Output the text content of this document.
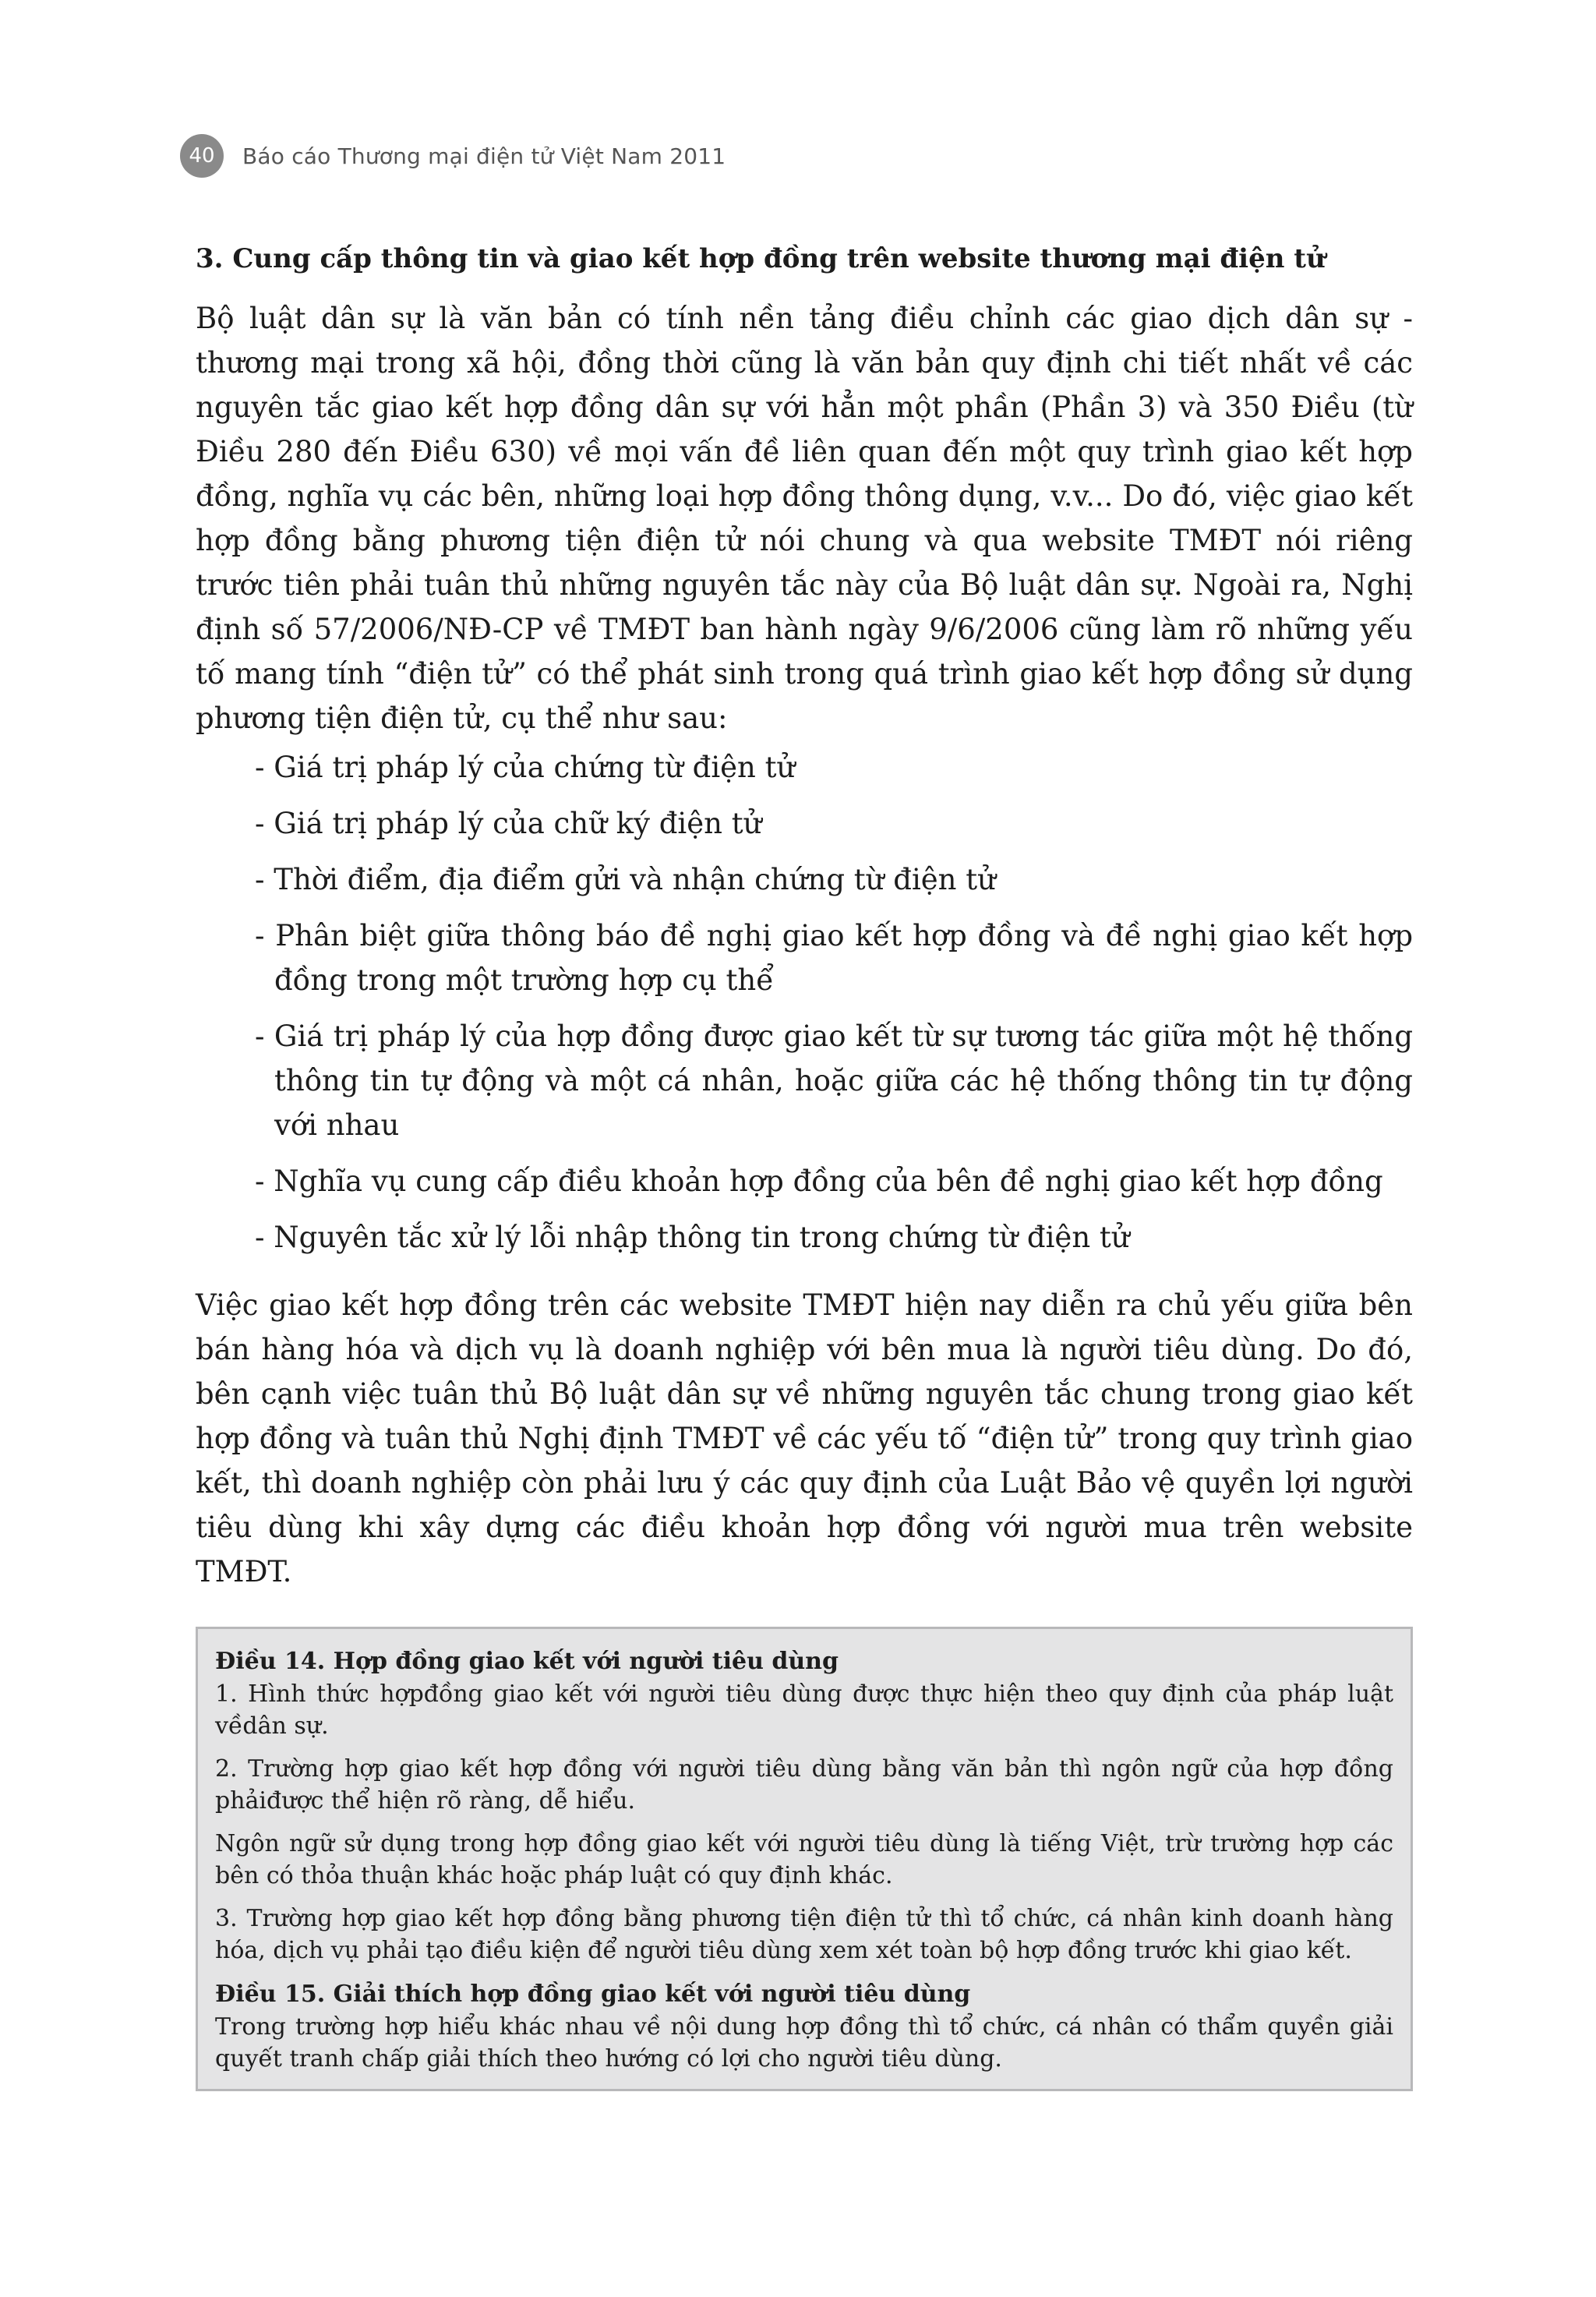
40	Báo cáo Thương mại điện tử Việt Nam 2011
3. Cung cấp thông tin và giao kết hợp đồng trên website thương mại điện tử

Bộ luật dân sự là văn bản có tính nền tảng điều chỉnh các giao dịch dân sự - thương mại trong xã hội, đồng thời cũng là văn bản quy định chi tiết nhất về các nguyên tắc giao kết hợp đồng dân sự với hẳn một phần (Phần 3) và 350 Điều (từ Điều 280 đến Điều 630) về mọi vấn đề liên quan đến một quy trình giao kết hợp đồng, nghĩa vụ các bên, những loại hợp đồng thông dụng, v.v... Do đó, việc giao kết hợp đồng bằng phương tiện điện tử nói chung và qua website TMĐT nói riêng trước tiên phải tuân thủ những nguyên tắc này của Bộ luật dân sự. Ngoài ra, Nghị định số 57/2006/NĐ-CP về TMĐT ban hành ngày 9/6/2006 cũng làm rõ những yếu tố mang tính “điện tử” có thể phát sinh trong quá trình giao kết hợp đồng sử dụng phương tiện điện tử, cụ thể như sau:

- Giá trị pháp lý của chứng từ điện tử
- Giá trị pháp lý của chữ ký điện tử
- Thời điểm, địa điểm gửi và nhận chứng từ điện tử
- Phân biệt giữa thông báo đề nghị giao kết hợp đồng và đề nghị giao kết hợp đồng trong một trường hợp cụ thể
- Giá trị pháp lý của hợp đồng được giao kết từ sự tương tác giữa một hệ thống thông tin tự động và một cá nhân, hoặc giữa các hệ thống thông tin tự động với nhau
- Nghĩa vụ cung cấp điều khoản hợp đồng của bên đề nghị giao kết hợp đồng
- Nguyên tắc xử lý lỗi nhập thông tin trong chứng từ điện tử

Việc giao kết hợp đồng trên các website TMĐT hiện nay diễn ra chủ yếu giữa bên bán hàng hóa và dịch vụ là doanh nghiệp với bên mua là người tiêu dùng. Do đó, bên cạnh việc tuân thủ Bộ luật dân sự về những nguyên tắc chung trong giao kết hợp đồng và tuân thủ Nghị định TMĐT về các yếu tố “điện tử” trong quy trình giao kết, thì doanh nghiệp còn phải lưu ý các quy định của Luật Bảo vệ quyền lợi người tiêu dùng khi xây dựng các điều khoản hợp đồng với người mua trên website TMĐT.

Điều 14. Hợp đồng giao kết với người tiêu dùng

1. Hình thức hợpđồng giao kết với người tiêu dùng được thực hiện theo quy định của pháp luật vềdân sự.

2. Trường hợp giao kết hợp đồng với người tiêu dùng bằng văn bản thì ngôn ngữ của hợp đồng phảiđược thể hiện rõ ràng, dễ hiểu.

Ngôn ngữ sử dụng trong hợp đồng giao kết với người tiêu dùng là tiếng Việt, trừ trường hợp các bên có thỏa thuận khác hoặc pháp luật có quy định khác.

3. Trường hợp giao kết hợp đồng bằng phương tiện điện tử thì tổ chức, cá nhân kinh doanh hàng hóa, dịch vụ phải tạo điều kiện để người tiêu dùng xem xét toàn bộ hợp đồng trước khi giao kết.

Điều 15. Giải thích hợp đồng giao kết với người tiêu dùng

Trong trường hợp hiểu khác nhau về nội dung hợp đồng thì tổ chức, cá nhân có thẩm quyền giải quyết tranh chấp giải thích theo hướng có lợi cho người tiêu dùng.
